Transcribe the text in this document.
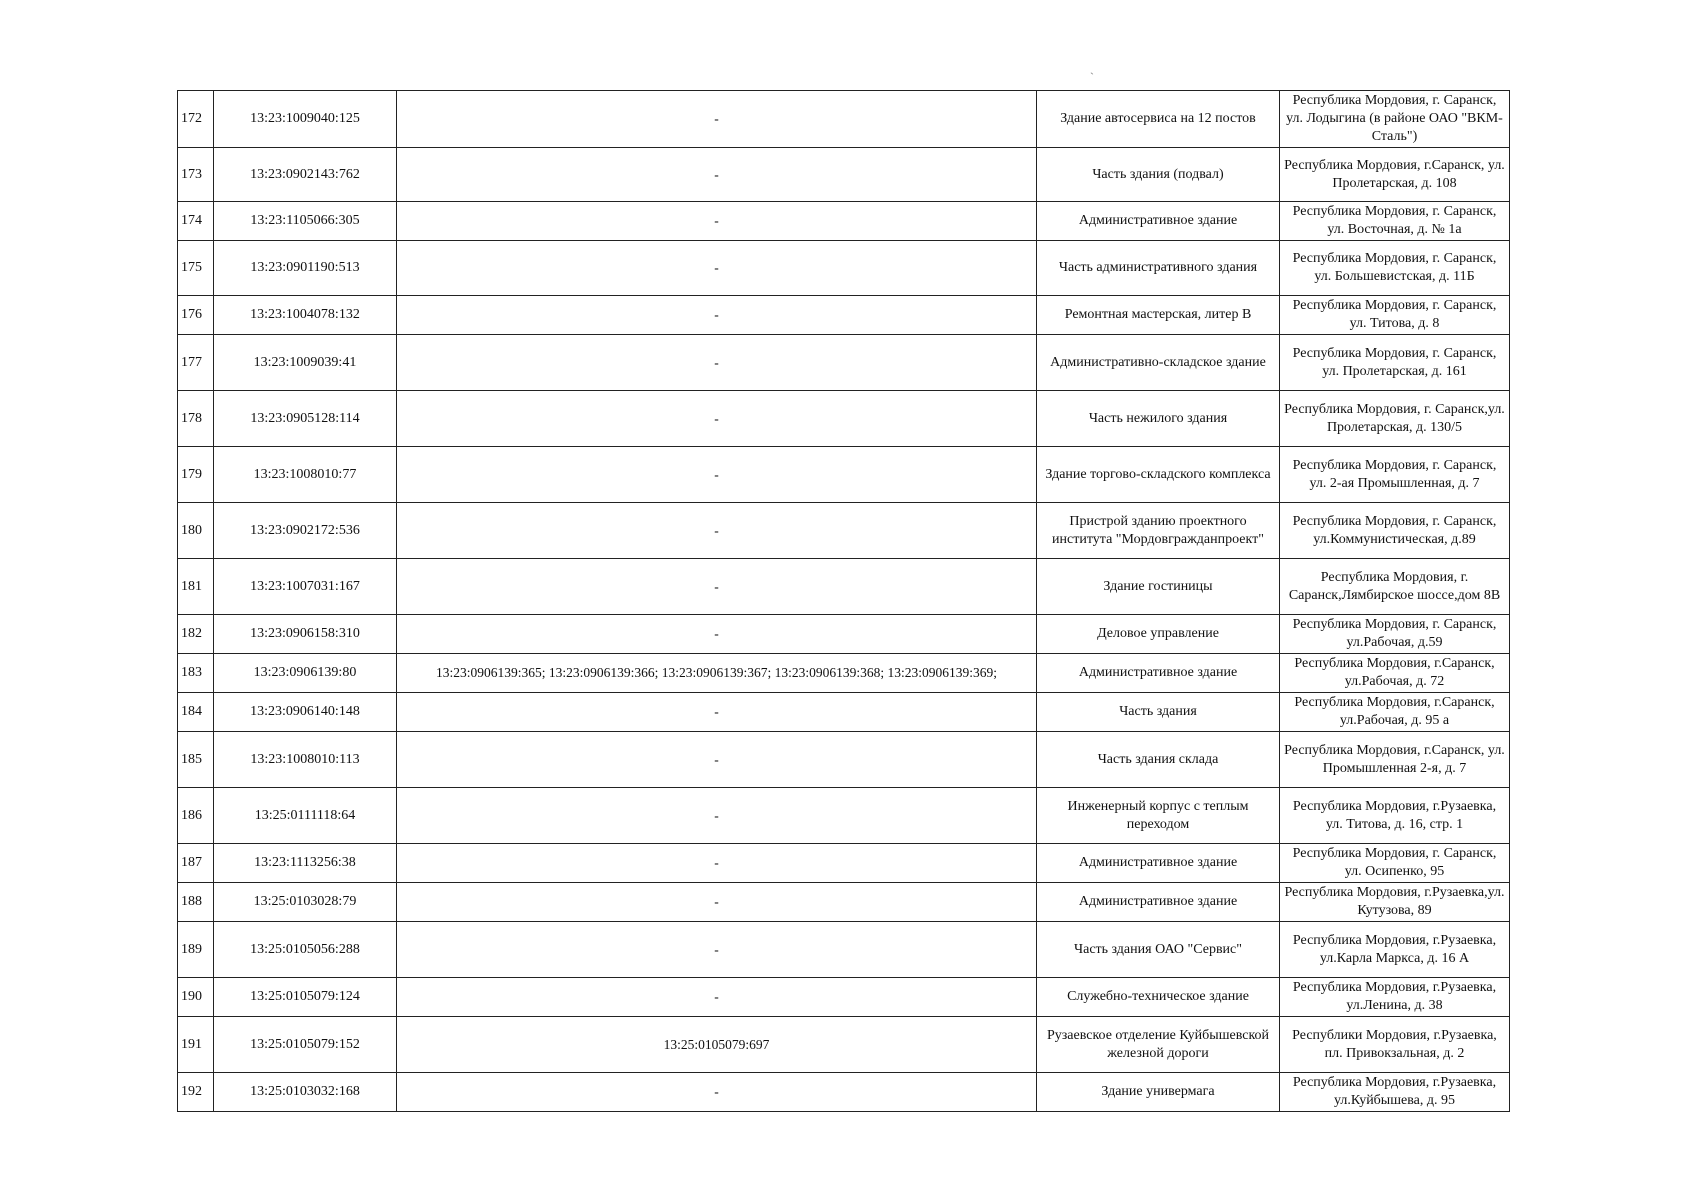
`
172	13:23:1009040:125	-	Здание автосервиса на 12 постов	Республика Мордовия, г. Саранск, ул. Лодыгина (в районе ОАО "ВКМ-Сталь")
173	13:23:0902143:762	-	Часть здания (подвал)	Республика Мордовия, г.Саранск, ул. Пролетарская, д. 108
174	13:23:1105066:305	-	Административное здание	Республика Мордовия, г. Саранск, ул. Восточная, д. № 1а
175	13:23:0901190:513	-	Часть административного здания	Республика Мордовия, г. Саранск, ул. Большевистская, д. 11Б
176	13:23:1004078:132	-	Ремонтная мастерская, литер В	Республика Мордовия, г. Саранск, ул. Титова, д. 8
177	13:23:1009039:41	-	Административно-складское здание	Республика Мордовия, г. Саранск, ул. Пролетарская, д. 161
178	13:23:0905128:114	-	Часть нежилого здания	Республика Мордовия, г. Саранск,ул. Пролетарская, д. 130/5
179	13:23:1008010:77	-	Здание торгово-складского комплекса	Республика Мордовия, г. Саранск, ул. 2-ая Промышленная, д. 7
180	13:23:0902172:536	-	Пристрой зданию проектного института "Мордовгражданпроект"	Республика Мордовия, г. Саранск, ул.Коммунистическая, д.89
181	13:23:1007031:167	-	Здание гостиницы	Республика Мордовия, г. Саранск,Лямбирское шоссе,дом 8В
182	13:23:0906158:310	-	Деловое управление	Республика Мордовия, г. Саранск, ул.Рабочая, д.59
183	13:23:0906139:80	13:23:0906139:365; 13:23:0906139:366; 13:23:0906139:367; 13:23:0906139:368; 13:23:0906139:369;	Административное здание	Республика Мордовия, г.Саранск, ул.Рабочая, д. 72
184	13:23:0906140:148	-	Часть здания	Республика Мордовия, г.Саранск, ул.Рабочая, д. 95 а
185	13:23:1008010:113	-	Часть здания склада	Республика Мордовия, г.Саранск, ул. Промышленная 2-я, д. 7
186	13:25:0111118:64	-	Инженерный корпус с теплым переходом	Республика Мордовия, г.Рузаевка, ул. Титова, д. 16, стр. 1
187	13:23:1113256:38	-	Административное здание	Республика Мордовия, г. Саранск, ул. Осипенко, 95
188	13:25:0103028:79	-	Административное здание	Республика Мордовия, г.Рузаевка,ул. Кутузова, 89
189	13:25:0105056:288	-	Часть здания ОАО "Сервис"	Республика Мордовия, г.Рузаевка, ул.Карла Маркса, д. 16 А
190	13:25:0105079:124	-	Служебно-техническое здание	Республика Мордовия, г.Рузаевка, ул.Ленина, д. 38
191	13:25:0105079:152	13:25:0105079:697	Рузаевское отделение Куйбышевской железной дороги	Республики Мордовия, г.Рузаевка, пл. Привокзальная, д. 2
192	13:25:0103032:168	-	Здание универмага	Республика Мордовия, г.Рузаевка, ул.Куйбышева, д. 95
